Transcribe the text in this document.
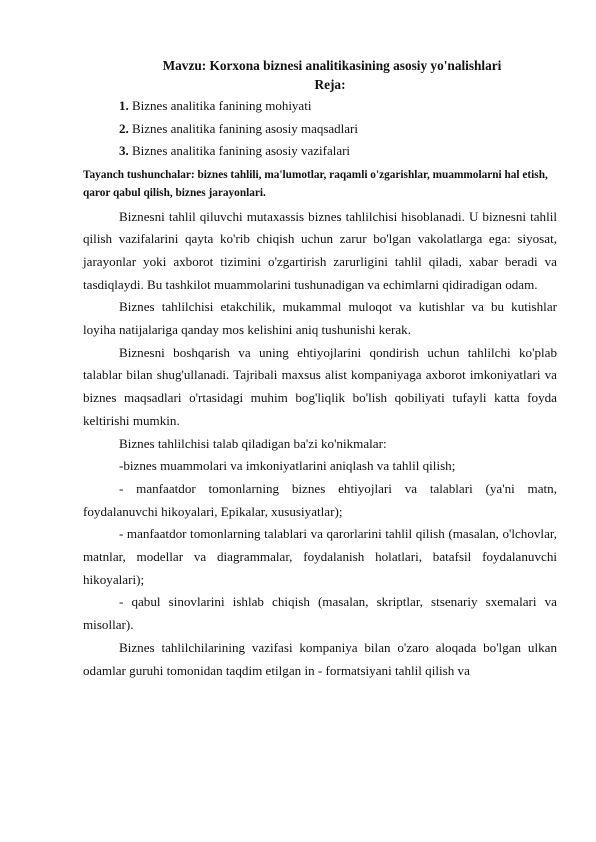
Mavzu: Korxona biznesi analitikasining asosiy yo'nalishlari
Reja:
1. Biznes analitika fanining mohiyati
2. Biznes analitika fanining asosiy maqsadlari
3. Biznes analitika fanining asosiy vazifalari
Tayanch tushunchalar: biznes tahlili, ma'lumotlar, raqamli o'zgarishlar, muammolarni hal etish, qaror qabul qilish, biznes jarayonlari.

Biznesni tahlil qiluvchi mutaxassis biznes tahlilchisi hisoblanadi. U biznesni tahlil qilish vazifalarini qayta ko'rib chiqish uchun zarur bo'lgan vakolatlarga ega: siyosat, jarayonlar yoki axborot tizimini o'zgartirish zarurligini tahlil qiladi, xabar beradi va tasdiqlaydi. Bu tashkilot muammolarini tushunadigan va echimlarni qidiradigan odam.

Biznes tahlilchisi etakchilik, mukammal muloqot va kutishlar va bu kutishlar loyiha natijalariga qanday mos kelishini aniq tushunishi kerak.

Biznesni boshqarish va uning ehtiyojlarini qondirish uchun tahlilchi ko'plab talablar bilan shug'ullanadi. Tajribali maxsus alist kompaniyaga axborot imkoniyatlari va biznes maqsadlari o'rtasidagi muhim bog'liqlik bo'lish qobiliyati tufayli katta foyda keltirishi mumkin.

Biznes tahlilchisi talab qiladigan ba'zi ko'nikmalar:

-biznes muammolari va imkoniyatlarini aniqlash va tahlil qilish;

- manfaatdor tomonlarning biznes ehtiyojlari va talablari (ya'ni matn, foydalanuvchi hikoyalari, Epikalar, xususiyatlar);

- manfaatdor tomonlarning talablari va qarorlarini tahlil qilish (masalan, o'lchovlar, matnlar, modellar va diagrammalar, foydalanish holatlari, batafsil foydalanuvchi hikoyalari);

- qabul sinovlarini ishlab chiqish (masalan, skriptlar, stsenariy sxemalari va misollar).

Biznes tahlilchilarining vazifasi kompaniya bilan o'zaro aloqada bo'lgan ulkan odamlar guruhi tomonidan taqdim etilgan in - formatsiyani tahlil qilish va
